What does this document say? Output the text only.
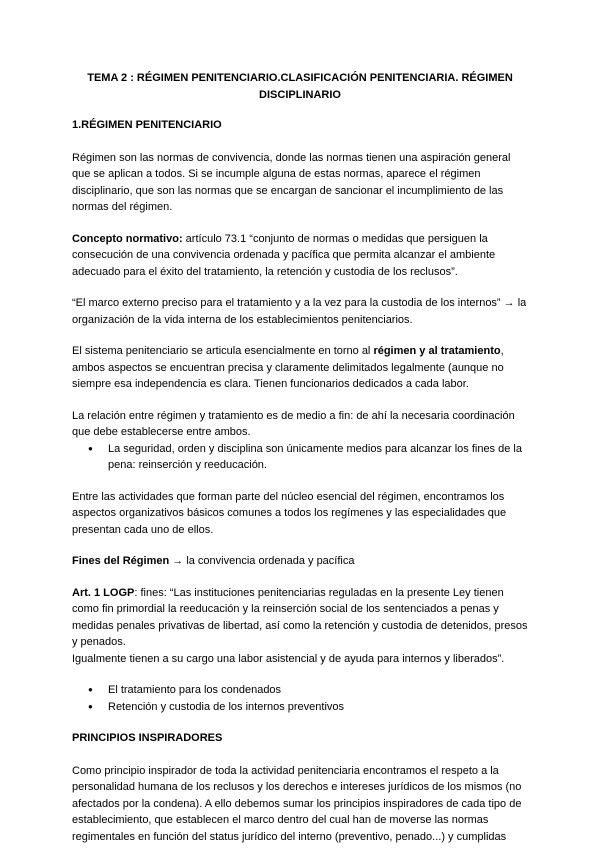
TEMA 2 : RÉGIMEN PENITENCIARIO.CLASIFICACIÓN PENITENCIARIA. RÉGIMEN DISCIPLINARIO
1.RÉGIMEN PENITENCIARIO

Régimen son las normas de convivencia, donde las normas tienen una aspiración general que se aplican a todos. Si se incumple alguna de estas normas, aparece el régimen disciplinario, que son las normas que se encargan de sancionar el incumplimiento de las normas del régimen.

Concepto normativo: artículo 73.1 “conjunto de normas o medidas que persiguen la consecución de una convivencia ordenada y pacífica que permita alcanzar el ambiente adecuado para el éxito del tratamiento, la retención y custodia de los reclusos”.

“El marco externo preciso para el tratamiento y a la vez para la custodia de los internos” → la organización de la vida interna de los establecimientos penitenciarios.

El sistema penitenciario se articula esencialmente en torno al régimen y al tratamiento, ambos aspectos se encuentran precisa y claramente delimitados legalmente (aunque no siempre esa independencia es clara. Tienen funcionarios dedicados a cada labor.

La relación entre régimen y tratamiento es de medio a fin: de ahí la necesaria coordinación que debe establecerse entre ambos.

● La seguridad, orden y disciplina son únicamente medios para alcanzar los fines de la pena: reinserción y reeducación.

Entre las actividades que forman parte del núcleo esencial del régimen, encontramos los aspectos organizativos básicos comunes a todos los regímenes y las especialidades que presentan cada uno de ellos.

Fines del Régimen → la convivencia ordenada y pacífica

Art. 1 LOGP: fines: “Las instituciones penitenciarias reguladas en la presente Ley tienen como fin primordial la reeducación y la reinserción social de los sentenciados a penas y medidas penales privativas de libertad, así como la retención y custodia de detenidos, presos y penados.
Igualmente tienen a su cargo una labor asistencial y de ayuda para internos y liberados”.

● El tratamiento para los condenados
● Retención y custodia de los internos preventivos
PRINCIPIOS INSPIRADORES

Como principio inspirador de toda la actividad penitenciaria encontramos el respeto a la personalidad humana de los reclusos y los derechos e intereses jurídicos de los mismos (no afectados por la condena). A ello debemos sumar los principios inspiradores de cada tipo de establecimiento, que establecen el marco dentro del cual han de moverse las normas regimentales en función del status jurídico del interno (preventivo, penado...) y cumplidas
